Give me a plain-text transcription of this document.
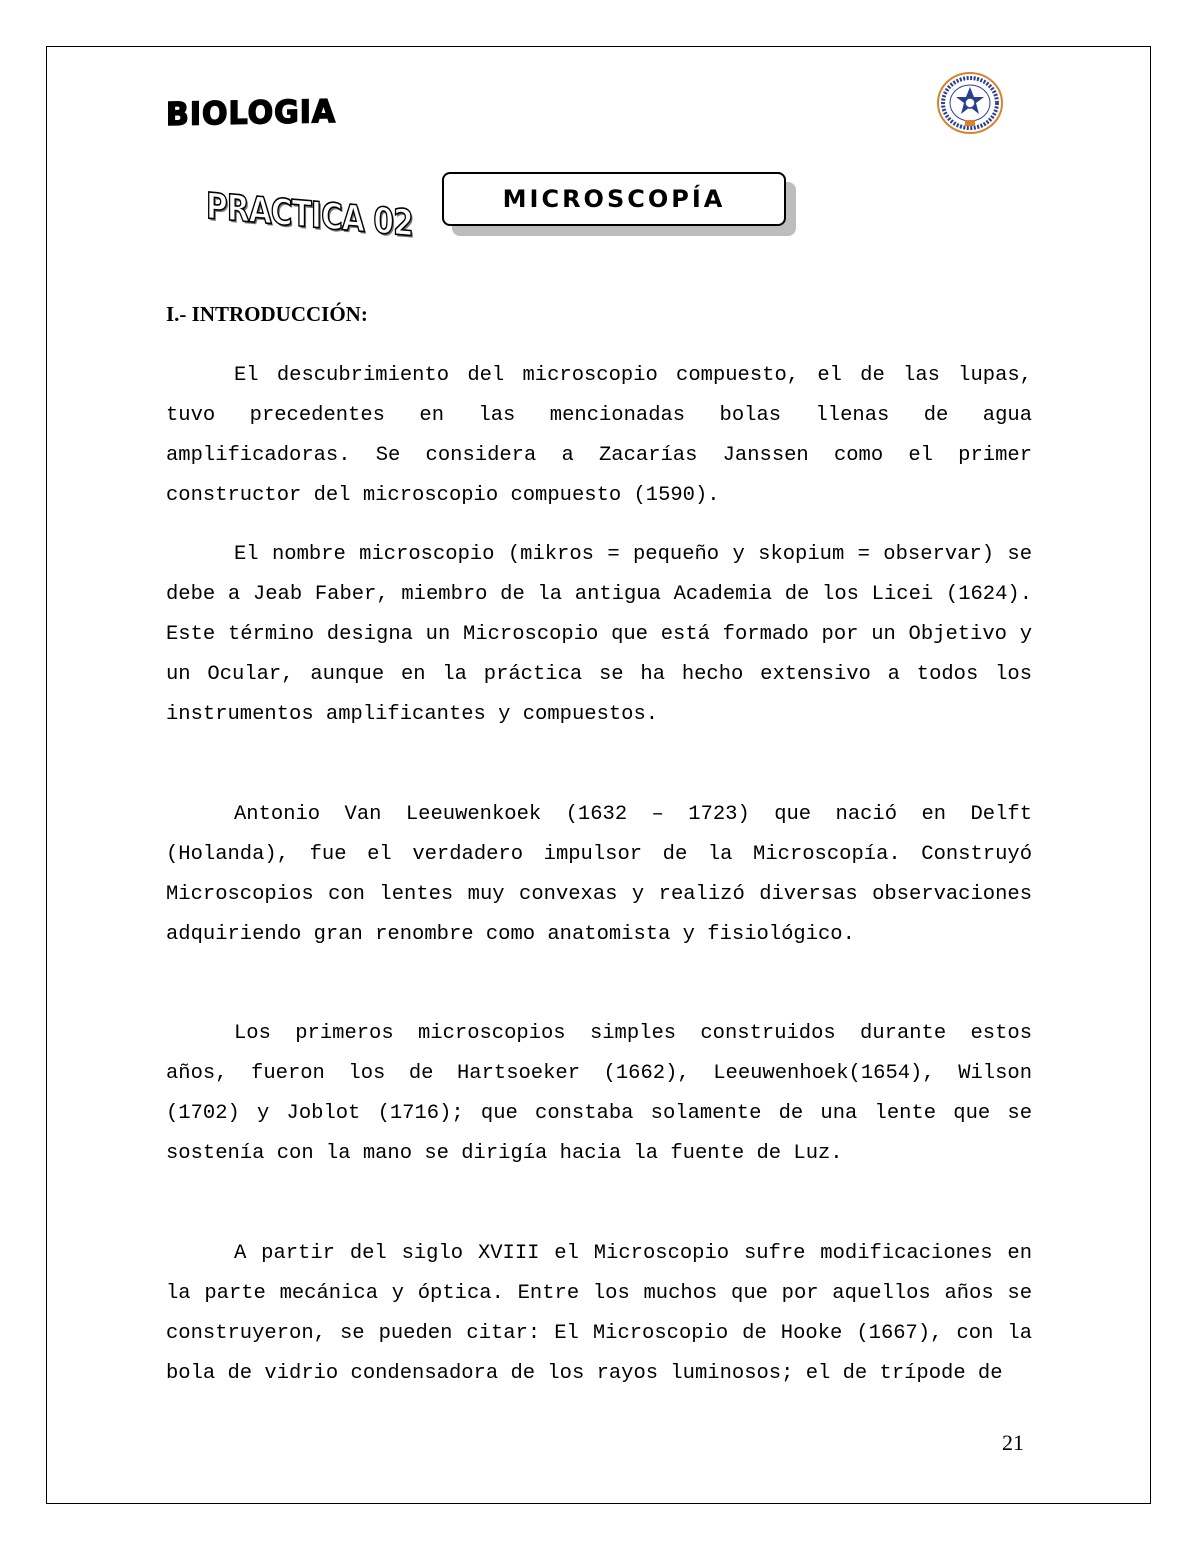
BIOLOGIA
PRACTICA 02	MICROSCOPÍA
I.- INTRODUCCIÓN:

El descubrimiento del microscopio compuesto, el de las lupas, tuvo precedentes en las mencionadas bolas llenas de agua amplificadoras. Se considera a Zacarías Janssen como el primer constructor del microscopio compuesto (1590).

El nombre microscopio (mikros = pequeño y skopium = observar) se debe a Jeab Faber, miembro de la antigua Academia de los Licei (1624). Este término designa un Microscopio que está formado por un Objetivo y un Ocular, aunque en la práctica se ha hecho extensivo a todos los instrumentos amplificantes y compuestos.

Antonio Van Leeuwenkoek (1632 – 1723) que nació en Delft (Holanda), fue el verdadero impulsor de la Microscopía. Construyó Microscopios con lentes muy convexas y realizó diversas observaciones adquiriendo gran renombre como anatomista y fisiológico.

Los primeros microscopios simples construidos durante estos años, fueron los de Hartsoeker (1662), Leeuwenhoek(1654), Wilson (1702) y Joblot (1716); que constaba solamente de una lente que se sostenía con la mano se dirigía hacia la fuente de Luz.

A partir del siglo XVIII el Microscopio sufre modificaciones en la parte mecánica y óptica. Entre los muchos que por aquellos años se construyeron, se pueden citar: El Microscopio de Hooke (1667), con la bola de vidrio condensadora de los rayos luminosos; el de trípode de

21
